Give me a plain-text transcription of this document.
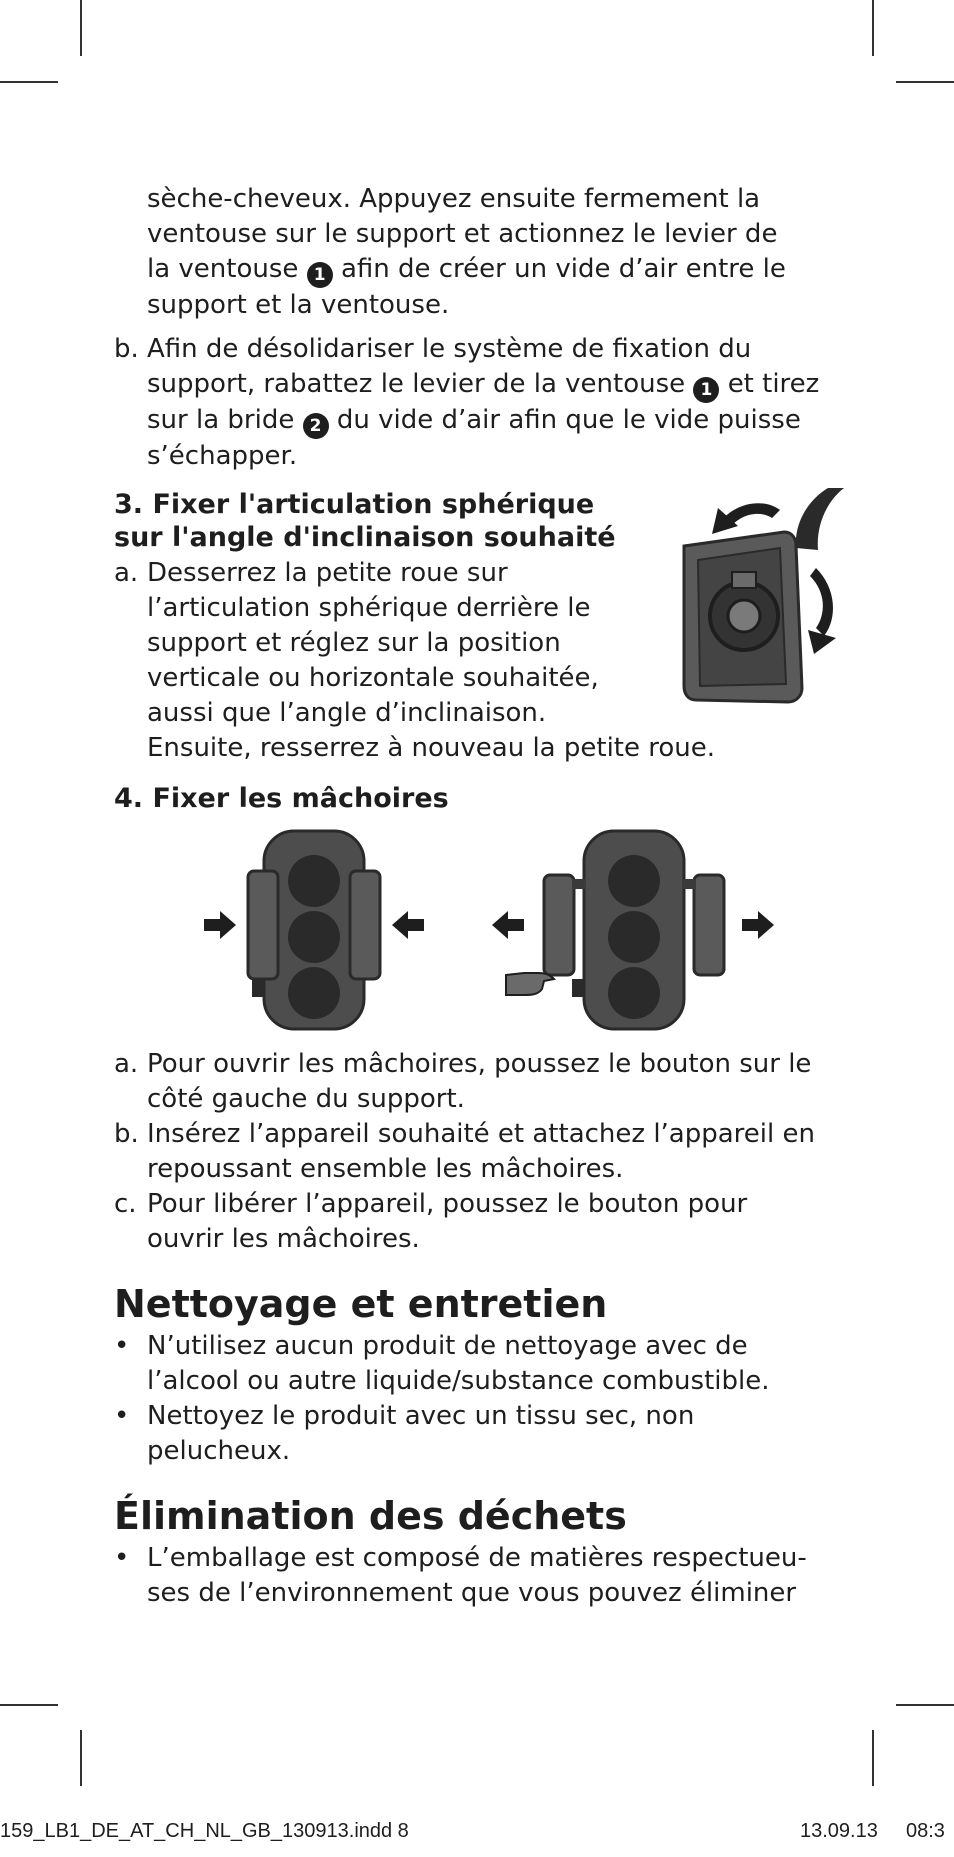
sèche-cheveux. Appuyez ensuite fermement la

ventouse sur le support et actionnez le levier de

la ventouse 1 afin de créer un vide d’air entre le

support et la ventouse.

b. Afin de désolidariser le système de fixation du

support, rabattez le levier de la ventouse 1 et tirez

sur la bride 2 du vide d’air afin que le vide puisse

s’échapper.

3. Fixer l'articulation sphérique

sur l'angle d'inclinaison souhaité

a. Desserrez la petite roue sur

l’articulation sphérique derrière le

support et réglez sur la position

verticale ou horizontale souhaitée,

aussi que l’angle d’inclinaison.

Ensuite, resserrez à nouveau la petite roue.

4. Fixer les mâchoires

a. Pour ouvrir les mâchoires, poussez le bouton sur le

côté gauche du support.

b. Insérez l’appareil souhaité et attachez l’appareil en

repoussant ensemble les mâchoires.

c. Pour libérer l’appareil, poussez le bouton pour

ouvrir les mâchoires.

Nettoyage et entretien

• N’utilisez aucun produit de nettoyage avec de

l’alcool ou autre liquide/substance combustible.

• Nettoyez le produit avec un tissu sec, non

pelucheux.

Élimination des déchets

• L’emballage est composé de matières respectueu-

ses de l’environnement que vous pouvez éliminer

159_LB1_DE_AT_CH_NL_GB_130913.indd 8	13.09.13 08:3
